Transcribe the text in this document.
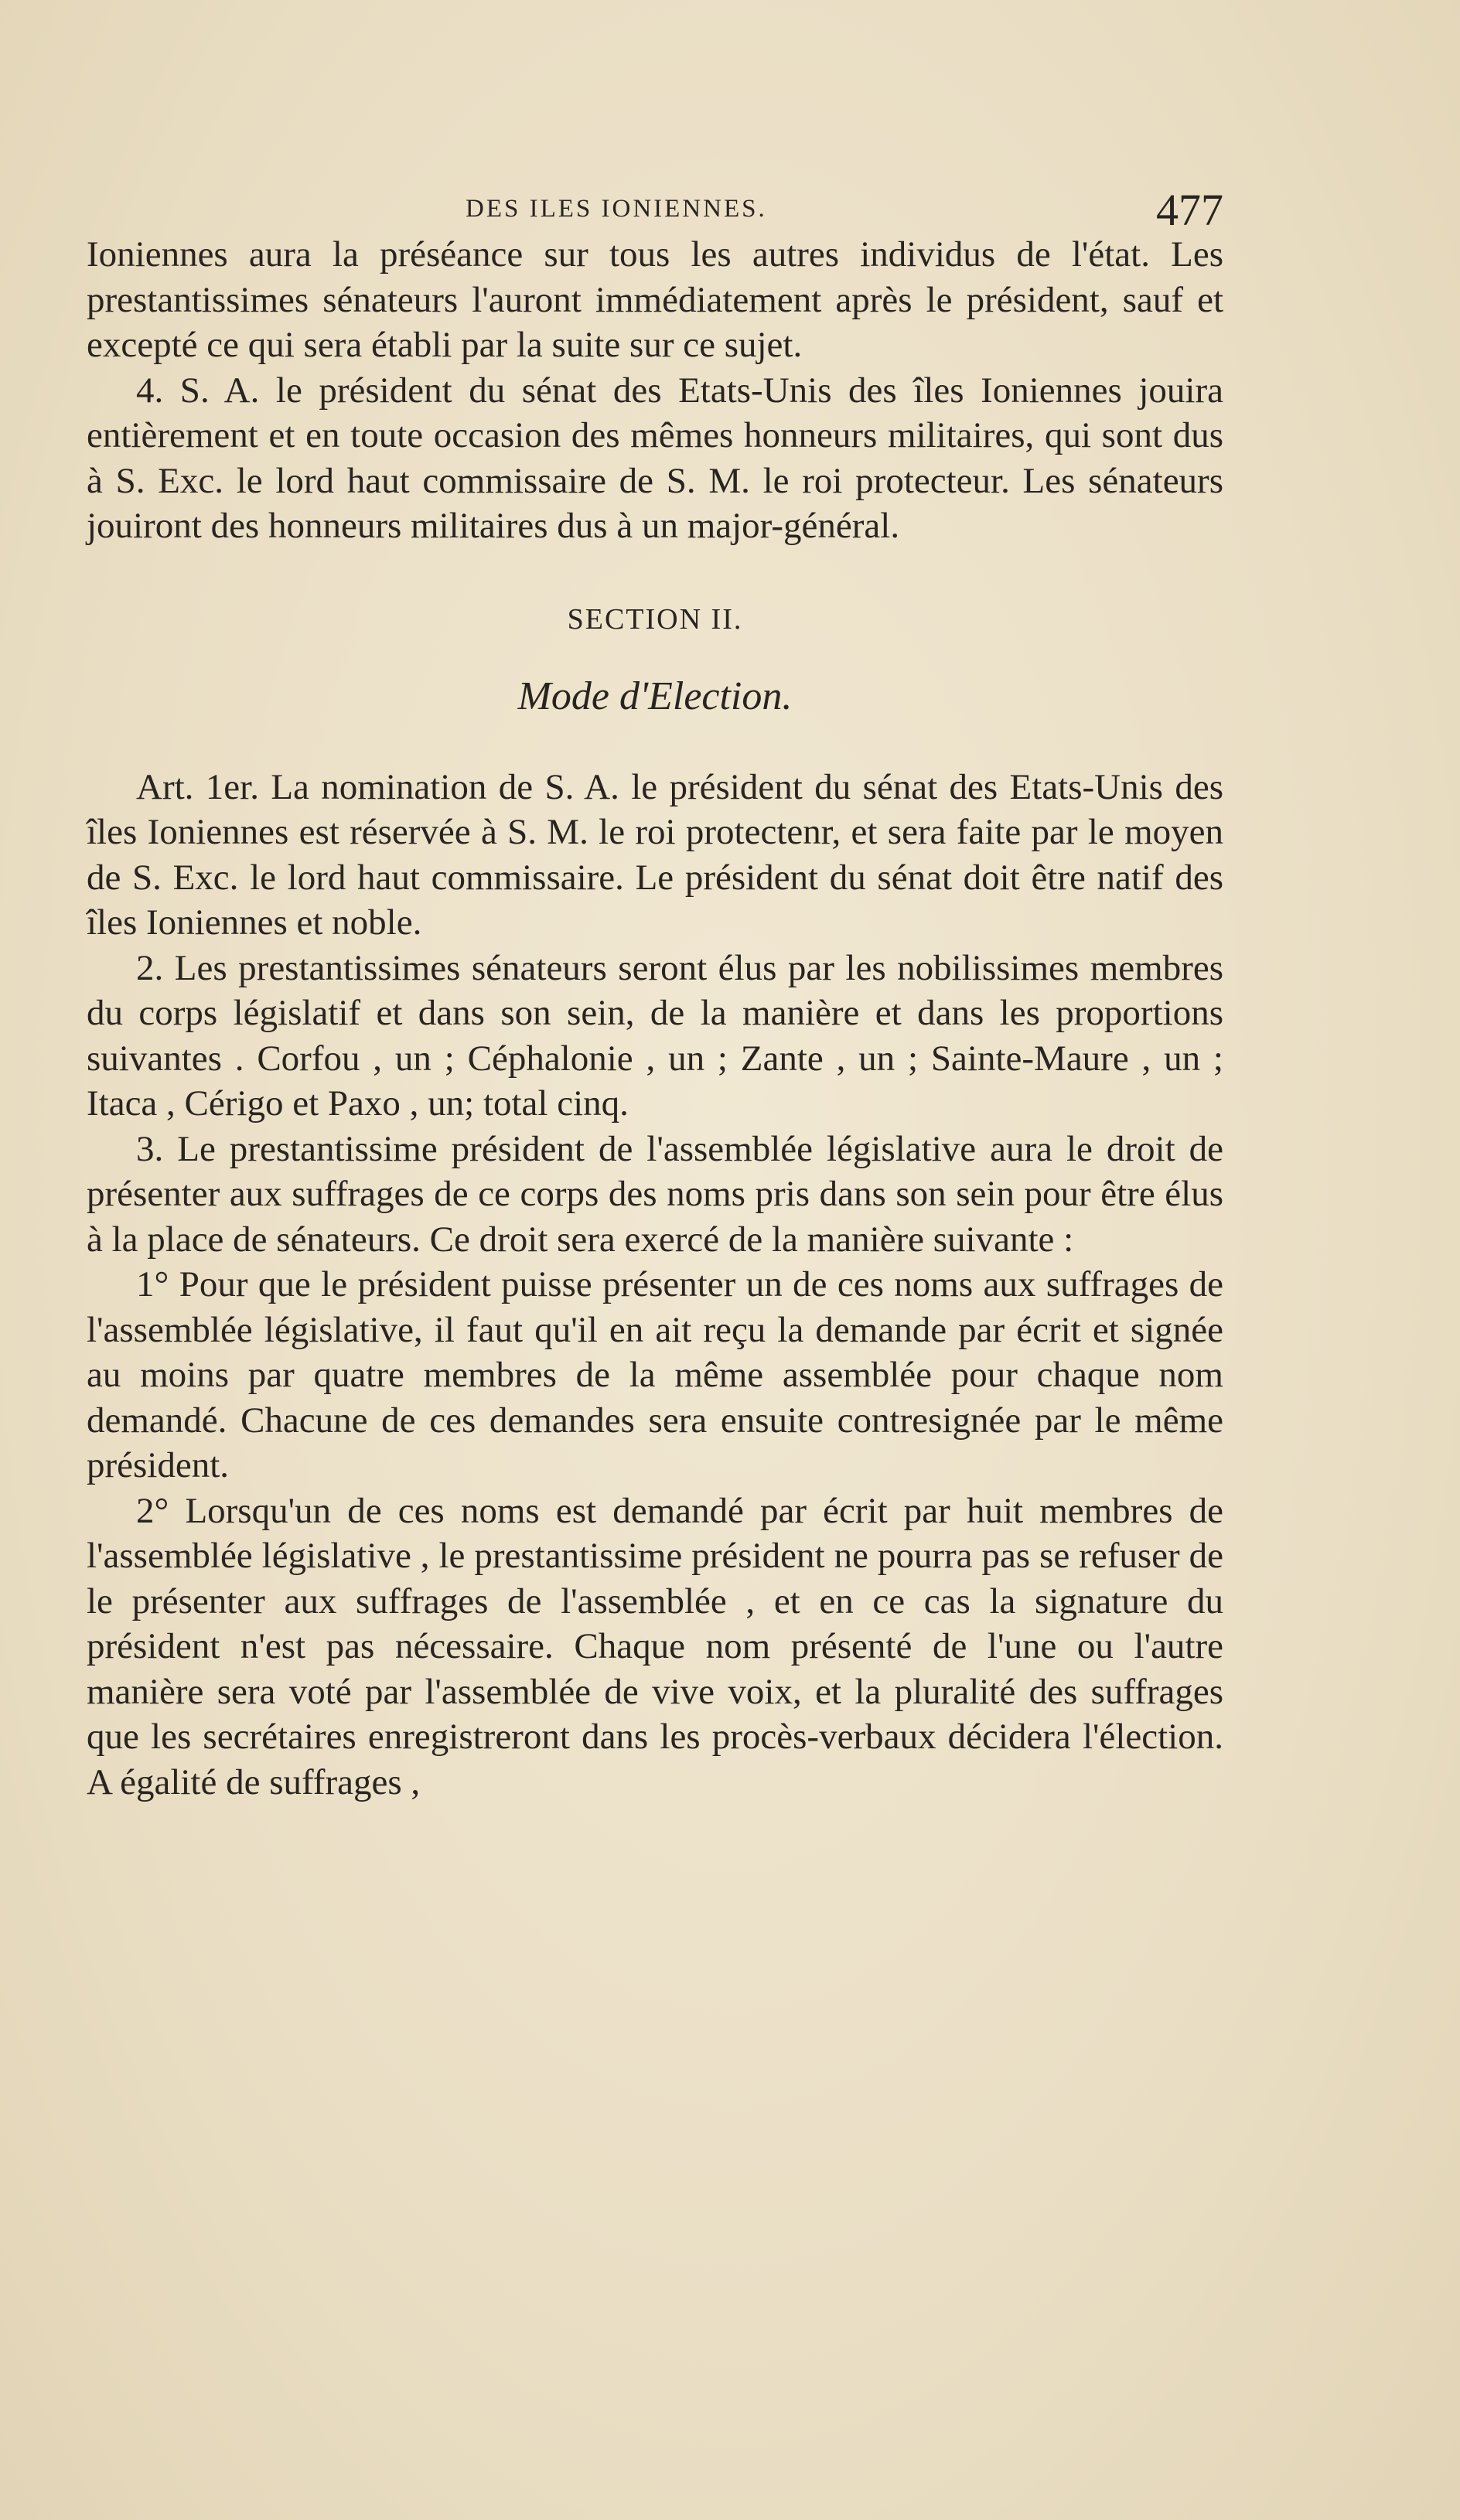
DES ILES IONIENNES.	477

Ioniennes aura la préséance sur tous les autres individus de l'état. Les prestantissimes sénateurs l'auront immédiatement après le président, sauf et excepté ce qui sera établi par la suite sur ce sujet.

4. S. A. le président du sénat des Etats-Unis des îles Ioniennes jouira entièrement et en toute occasion des mêmes honneurs militaires, qui sont dus à S. Exc. le lord haut commissaire de S. M. le roi protecteur. Les sénateurs jouiront des honneurs militaires dus à un major-général.

SECTION II.
Mode d'Election.

Art. 1er. La nomination de S. A. le président du sénat des Etats-Unis des îles Ioniennes est réservée à S. M. le roi protectenr, et sera faite par le moyen de S. Exc. le lord haut commissaire. Le président du sénat doit être natif des îles Ioniennes et noble.

2. Les prestantissimes sénateurs seront élus par les nobilissimes membres du corps législatif et dans son sein, de la manière et dans les proportions suivantes . Corfou , un ; Céphalonie , un ; Zante , un ; Sainte-Maure , un ; Itaca , Cérigo et Paxo , un; total cinq.

3. Le prestantissime président de l'assemblée législative aura le droit de présenter aux suffrages de ce corps des noms pris dans son sein pour être élus à la place de sénateurs. Ce droit sera exercé de la manière suivante :

1° Pour que le président puisse présenter un de ces noms aux suffrages de l'assemblée législative, il faut qu'il en ait reçu la demande par écrit et signée au moins par quatre membres de la même assemblée pour chaque nom demandé. Chacune de ces demandes sera ensuite contresignée par le même président.

2° Lorsqu'un de ces noms est demandé par écrit par huit membres de l'assemblée législative , le prestantissime président ne pourra pas se refuser de le présenter aux suffrages de l'assemblée , et en ce cas la signature du président n'est pas nécessaire. Chaque nom présenté de l'une ou l'autre manière sera voté par l'assemblée de vive voix, et la pluralité des suffrages que les secrétaires enregistreront dans les procès-verbaux décidera l'élection. A égalité de suffrages ,
